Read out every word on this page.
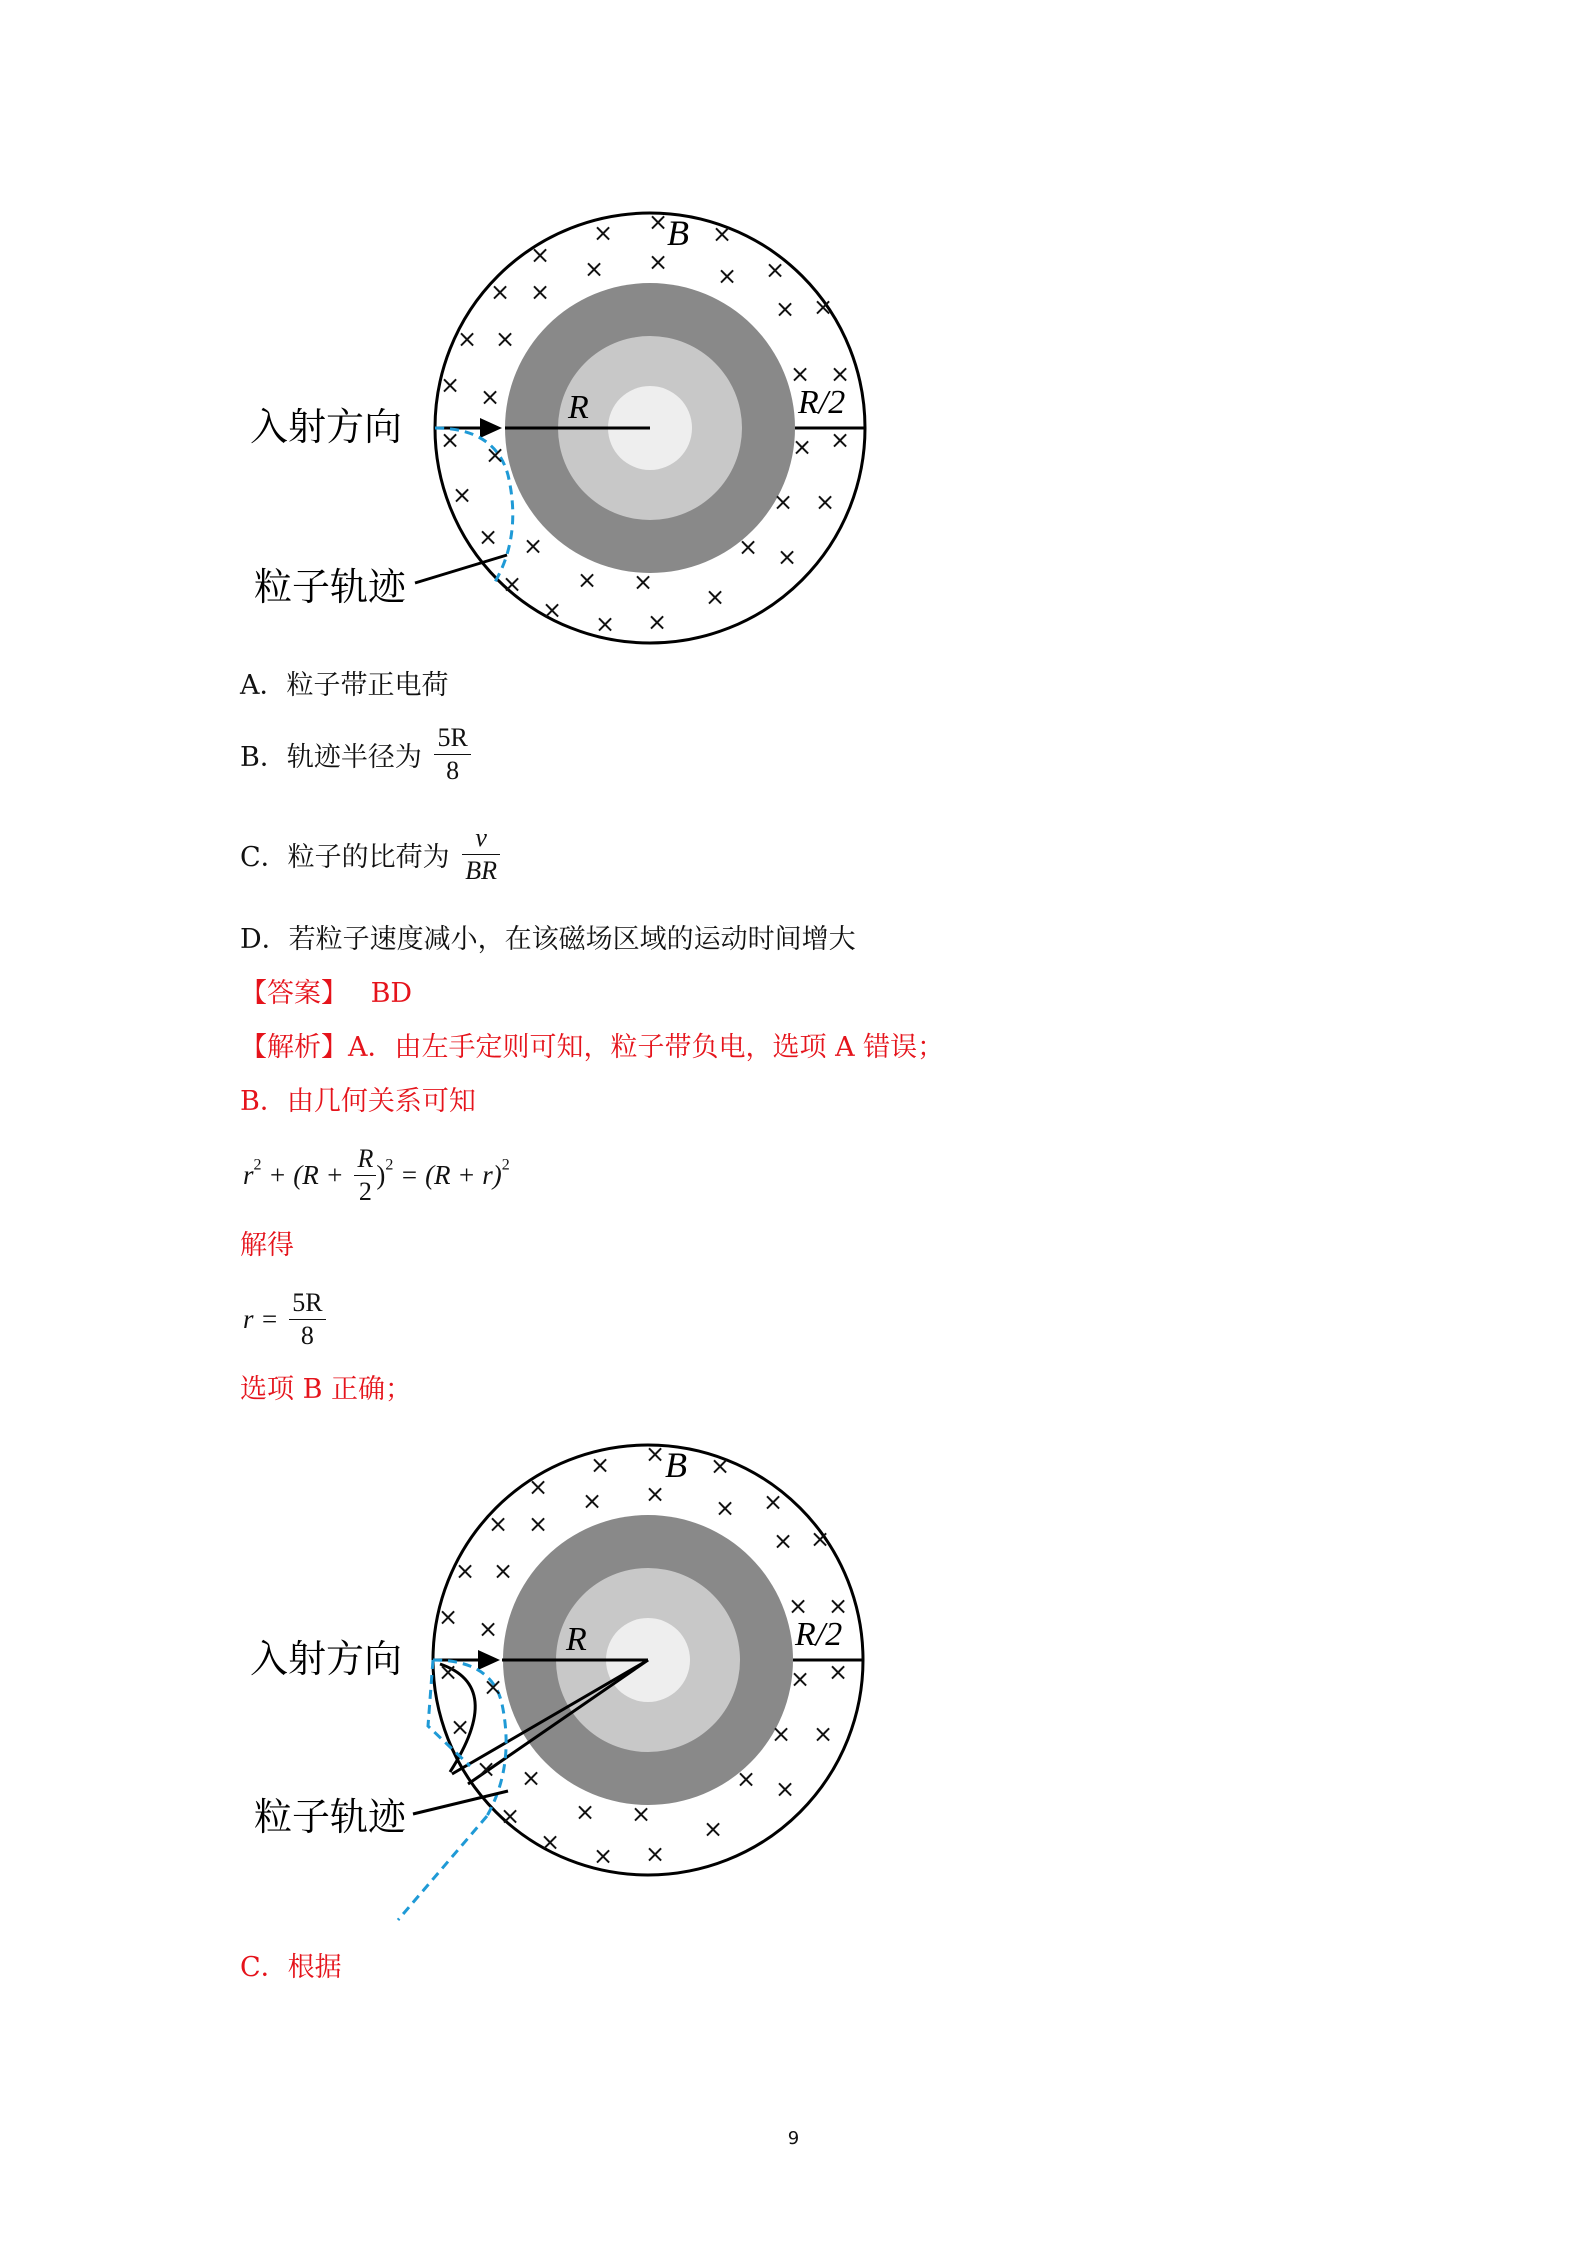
B
R	R/2
入射方向
粒子轨迹
× × ×
× × × × ×
× ×
× ×
× ×
× ×
× ×
×
×	× ×
×	× ×
× ×	× ×
× × ×
×
× × ×
A．粒子带正电荷
B．轨迹半径为 $\frac{5R}{8}$
C．粒子的比荷为 $\frac{v}{BR}$
D．若粒子速度减小，在该磁场区域的运动时间增大
【答案】 BD
【解析】A．由左手定则可知，粒子带负电，选项 A 错误；
B．由几何关系可知
$r^2 + (R + \frac{R}{2} )^2 = (R + r)^2$
解得
$r = \frac{5R}{8}$
选项 B 正确；
B
R	R/2
入射方向
粒子轨迹
× × ×
× × × × ×
× ×
× ×
× ×
× ×
× ×
×
×	× ×
×	× ×
× ×	× ×
× × ×
×
× × ×
C．根据
9
